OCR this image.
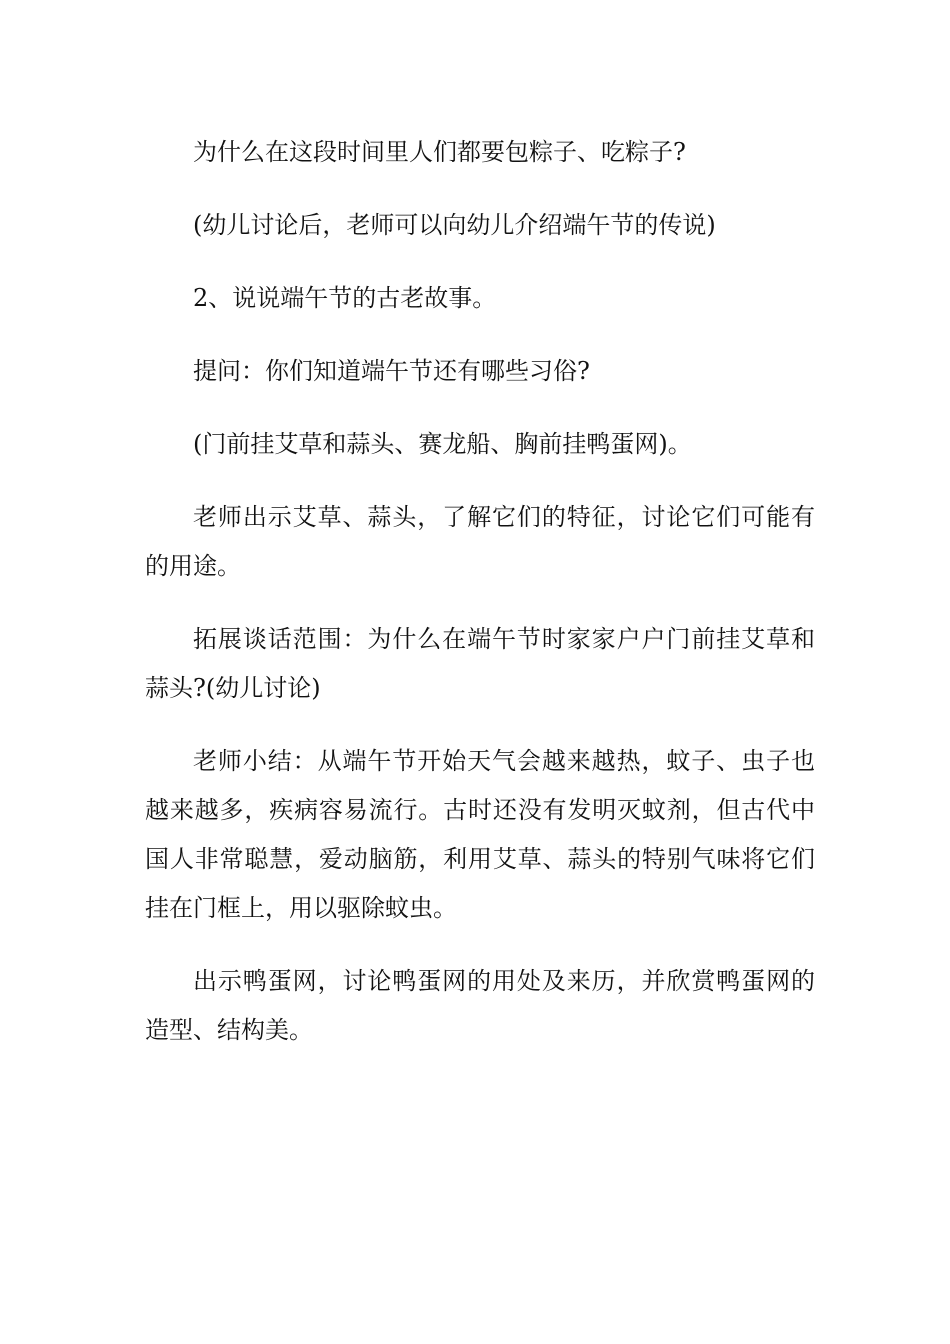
为什么在这段时间里人们都要包粽子、吃粽子?

(幼儿讨论后，老师可以向幼儿介绍端午节的传说)

2、说说端午节的古老故事。

提问：你们知道端午节还有哪些习俗?

(门前挂艾草和蒜头、赛龙船、胸前挂鸭蛋网)。

老师出示艾草、蒜头，了解它们的特征，讨论它们可能有的用途。

拓展谈话范围：为什么在端午节时家家户户门前挂艾草和蒜头?(幼儿讨论)

老师小结：从端午节开始天气会越来越热，蚊子、虫子也越来越多，疾病容易流行。古时还没有发明灭蚊剂，但古代中国人非常聪慧，爱动脑筋，利用艾草、蒜头的特别气味将它们挂在门框上，用以驱除蚊虫。

出示鸭蛋网，讨论鸭蛋网的用处及来历，并欣赏鸭蛋网的造型、结构美。
